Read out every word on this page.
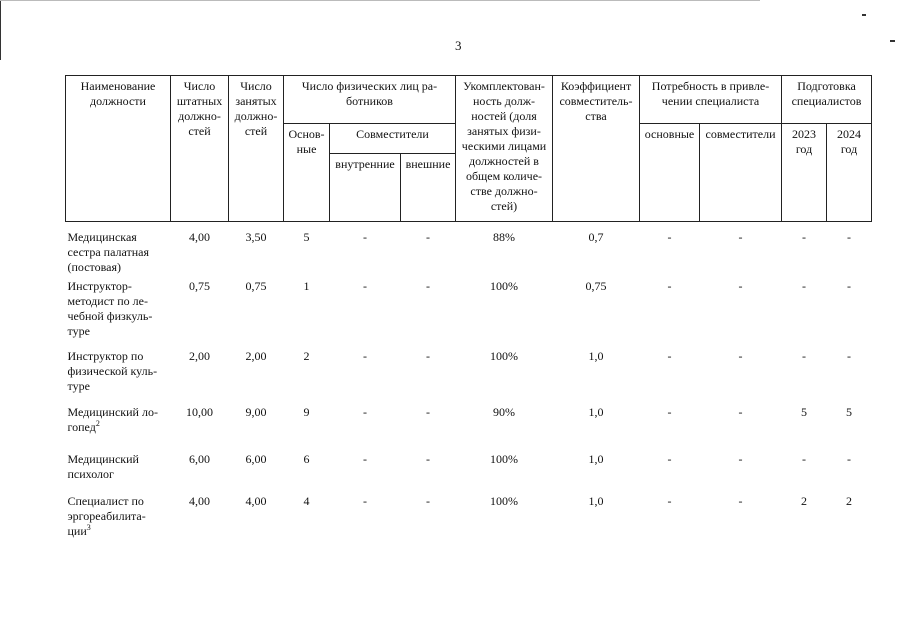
3
Наименование должности	Число штатных должно-стей	Число занятых должно-стей	Число физических лиц ра-ботников			Укомплектован-ность долж-ностей (доля занятых физи-ческими лицами должностей в общем количе-стве должно-стей)	Коэффициент совместитель-ства	Потребность в привле-чении специалиста		Подготовка специалистов	
			Основ-ные	Совместители				основные	совместители	2023 год	2024 год
				внутренние	внешние						
Медицинская сестра палатная (постовая)	4,00	3,50	5	-	-	88%	0,7	-	-	-	-
Инструктор-методист по ле-чебной физкуль-туре	0,75	0,75	1	-	-	100%	0,75	-	-	-	-
Инструктор по физической куль-туре	2,00	2,00	2	-	-	100%	1,0	-	-	-	-
Медицинский ло-гопед$^2$	10,00	9,00	9	-	-	90%	1,0	-	-	5	5
Медицинский психолог	6,00	6,00	6	-	-	100%	1,0	-	-	-	-
Специалист по эргореабилита-ции$^3$	4,00	4,00	4	-	-	100%	1,0	-	-	2	2
